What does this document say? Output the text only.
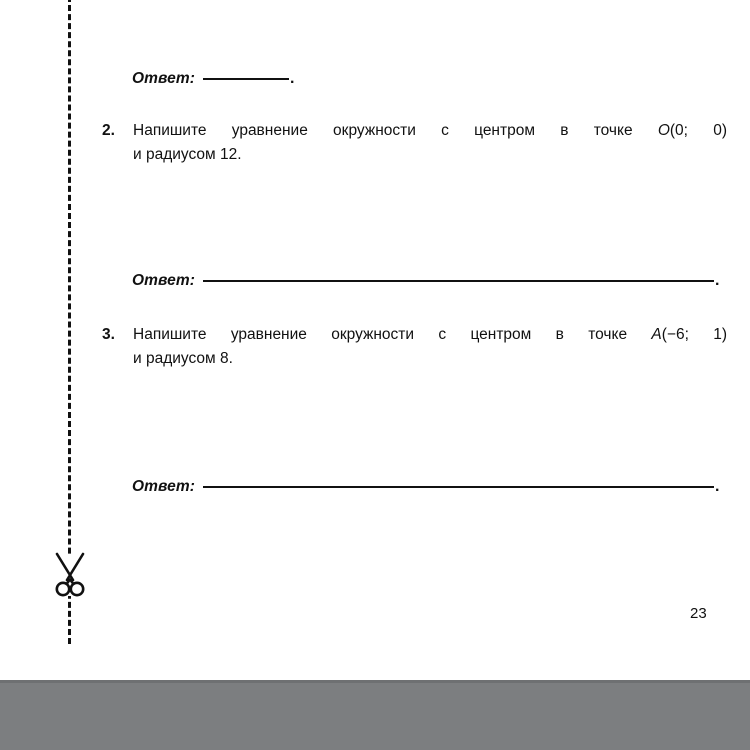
Ответ:	.
2.	Напишите уравнение окружности с центром в точке O(0; 0)
и радиусом 12.
Ответ:	.
3.	Напишите уравнение окружности с центром в точке A(−6; 1)
и радиусом 8.
Ответ:	.
23
